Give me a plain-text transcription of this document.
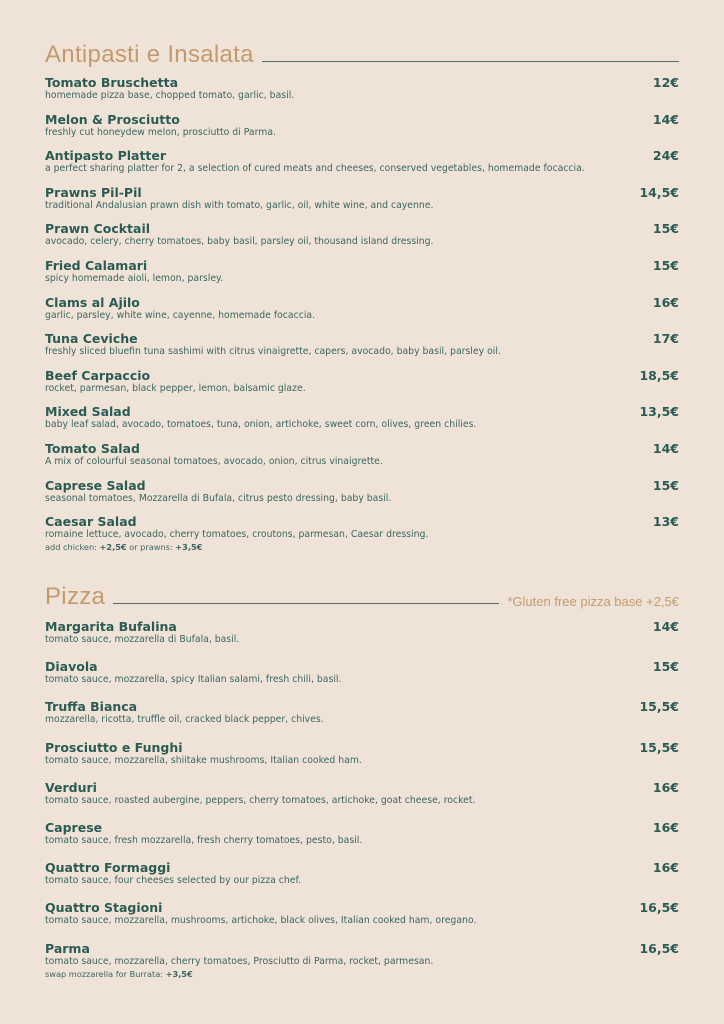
Antipasti e Insalata
Tomato Bruschetta	12€
homemade pizza base, chopped tomato, garlic, basil.
Melon & Prosciutto	14€
freshly cut honeydew melon, prosciutto di Parma.
Antipasto Platter	24€
a perfect sharing platter for 2, a selection of cured meats and cheeses, conserved vegetables, homemade focaccia.
Prawns Pil-Pil	14,5€
traditional Andalusian prawn dish with tomato, garlic, oil, white wine, and cayenne.
Prawn Cocktail	15€
avocado, celery, cherry tomatoes, baby basil, parsley oil, thousand island dressing.
Fried Calamari	15€
spicy homemade aioli, lemon, parsley.
Clams al Ajilo	16€
garlic, parsley, white wine, cayenne, homemade focaccia.
Tuna Ceviche	17€
freshly sliced bluefin tuna sashimi with citrus vinaigrette, capers, avocado, baby basil, parsley oil.
Beef Carpaccio	18,5€
rocket, parmesan, black pepper, lemon, balsamic glaze.
Mixed Salad	13,5€
baby leaf salad, avocado, tomatoes, tuna, onion, artichoke, sweet corn, olives, green chilies.
Tomato Salad	14€
A mix of colourful seasonal tomatoes, avocado, onion, citrus vinaigrette.
Caprese Salad	15€
seasonal tomatoes, Mozzarella di Bufala, citrus pesto dressing, baby basil.
Caesar Salad	13€
romaine lettuce, avocado, cherry tomatoes, croutons, parmesan, Caesar dressing.
add chicken: +2,5€ or prawns: +3,5€
Pizza	*Gluten free pizza base +2,5€
Margarita Bufalina	14€
tomato sauce, mozzarella di Bufala, basil.
Diavola	15€
tomato sauce, mozzarella, spicy Italian salami, fresh chili, basil.
Truffa Bianca	15,5€
mozzarella, ricotta, truffle oil, cracked black pepper, chives.
Prosciutto e Funghi	15,5€
tomato sauce, mozzarella, shiitake mushrooms, Italian cooked ham.
Verduri	16€
tomato sauce, roasted aubergine, peppers, cherry tomatoes, artichoke, goat cheese, rocket.
Caprese	16€
tomato sauce, fresh mozzarella, fresh cherry tomatoes, pesto, basil.
Quattro Formaggi	16€
tomato sauce, four cheeses selected by our pizza chef.
Quattro Stagioni	16,5€
tomato sauce, mozzarella, mushrooms, artichoke, black olives, Italian cooked ham, oregano.
Parma	16,5€
tomato sauce, mozzarella, cherry tomatoes, Prosciutto di Parma, rocket, parmesan.
swap mozzarella for Burrata: +3,5€
